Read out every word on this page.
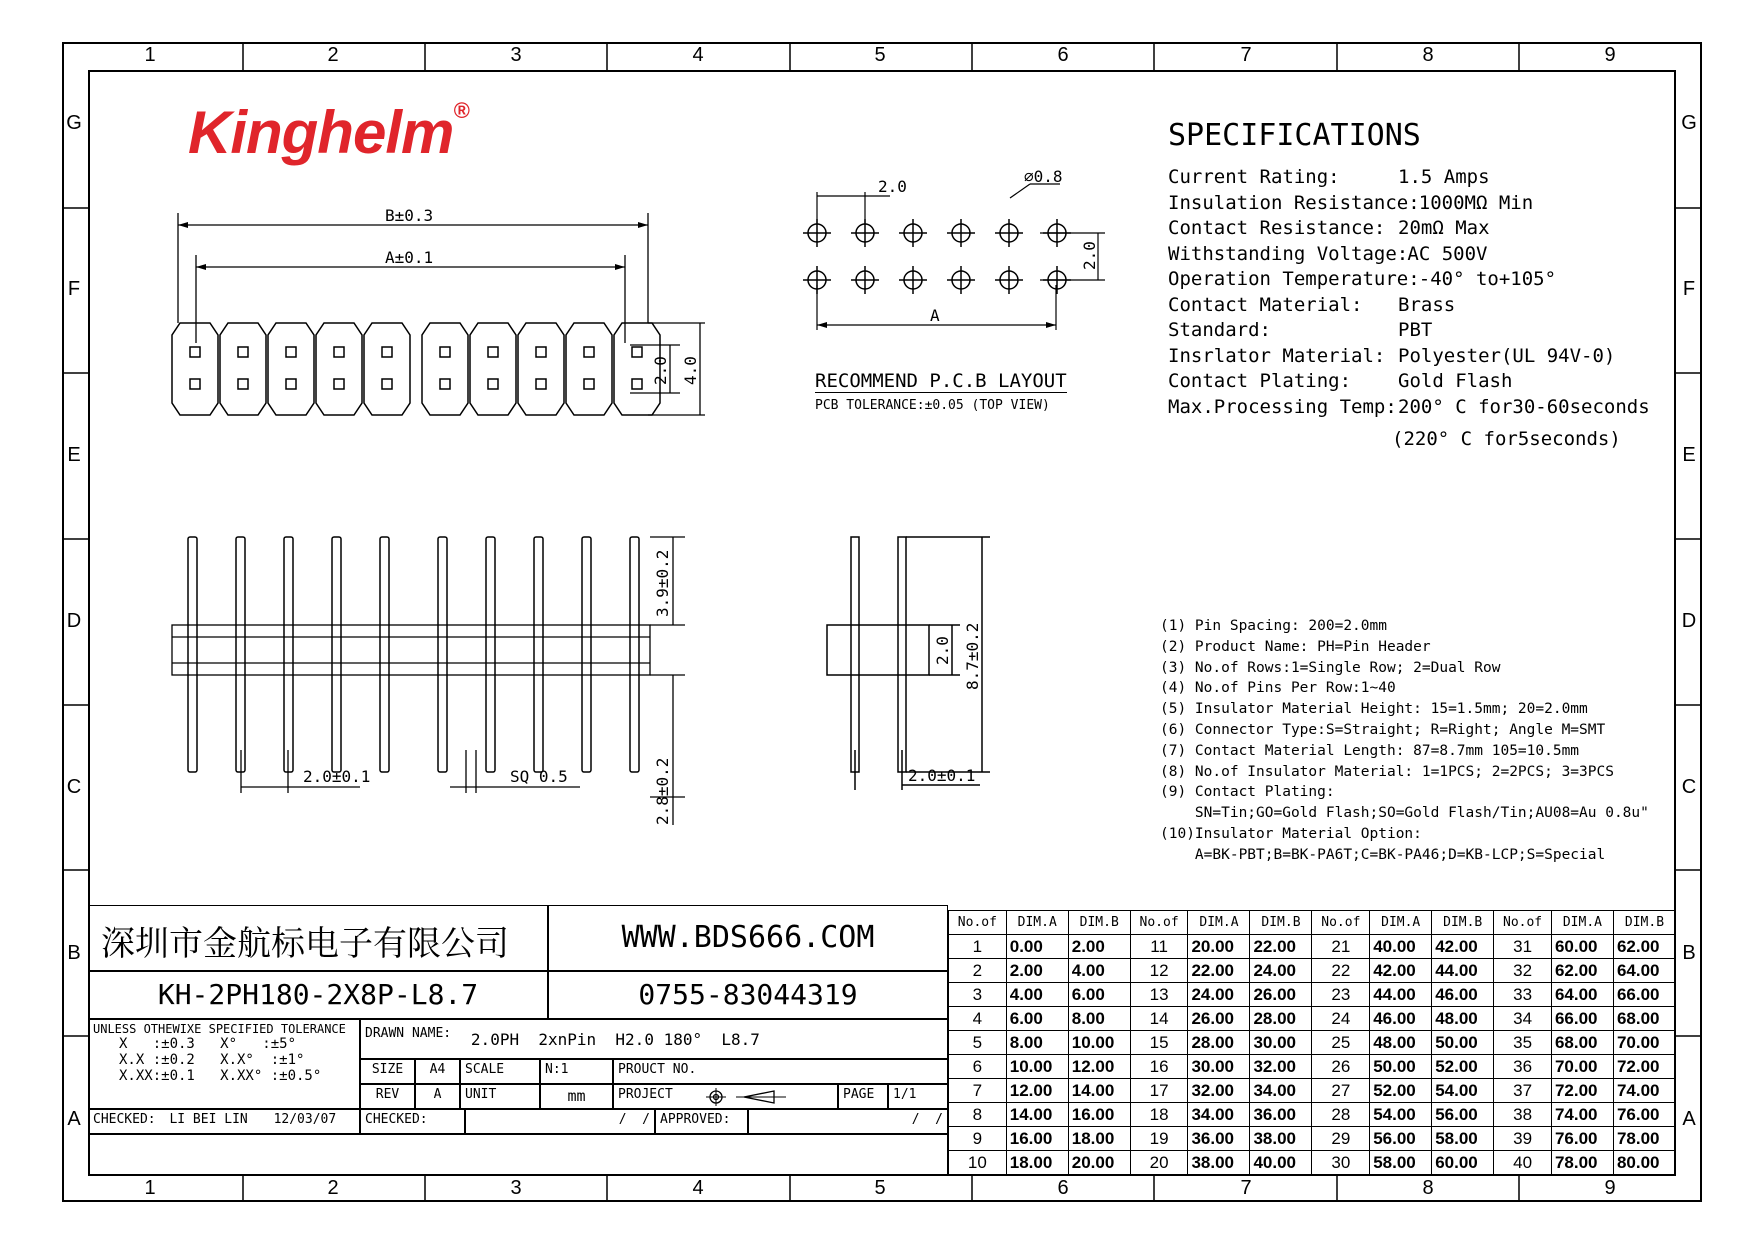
1	2	3	4	5	6	7	8	9
1	2	3	4	5	6	7	8	9
G
F
E
D
C
B
A
G
F
E
D
C
B
A
Kinghelm®
SPECIFICATIONS
Current Rating:	1.5 Amps
Insulation Resistance: 1000MΩ Min
Contact Resistance: 20mΩ Max
Withstanding Voltage: AC 500V
Operation Temperature: -40° to+105°
Contact Material: Brass
Standard:	PBT
Insrlator Material: Polyester(UL 94V-0)
Contact Plating: Gold Flash
Max.Processing Temp: 200° C for30-60seconds
(220° C for5seconds)
B±0.3
A±0.1
2.0 4.0
2.0
∅0.8
2.0
A
RECOMMEND P.C.B LAYOUT
PCB TOLERANCE:±0.05 (TOP VIEW)
3.9±0.2
2.8±0.2
2.0±0.1	SQ 0.5
2.0 8.7±0.2
2.0±0.1
(1) Pin Spacing: 200=2.0mm
(2) Product Name: PH=Pin Header
(3) No.of Rows:1=Single Row; 2=Dual Row
(4) No.of Pins Per Row:1~40
(5) Insulator Material Height: 15=1.5mm; 20=2.0mm
(6) Connector Type:S=Straight; R=Right; Angle M=SMT
(7) Contact Material Length: 87=8.7mm 105=10.5mm
(8) No.of Insulator Material: 1=1PCS; 2=2PCS; 3=3PCS
(9) Contact Plating:
SN=Tin;GO=Gold Flash;SO=Gold Flash/Tin;AU08=Au 0.8u"
(10)Insulator Material Option:
A=BK-PBT;B=BK-PA6T;C=BK-PA46;D=KB-LCP;S=Special
深圳市金航标电子有限公司	WWW.BDS666.COM
KH-2PH180-2X8P-L8.7	0755-83044319
UNLESS OTHEWIXE SPECIFIED TOLERANCE
X   :±0.3   X°   :±5°
X.X :±0.2   X.X°  :±1°
X.XX:±0.1   X.XX° :±0.5°
DRAWN NAME: 2.0PH  2xnPin  H2.0 180°  L8.7
SIZE	A4	SCALE	N:1	PROUCT NO.
REV	A	UNIT	mm	PROJECT	PAGE	1/1
CHECKED: LI BEI LIN 12/03/07	CHECKED:	/  / APPROVED:	/  /
No.of	DIM.A	DIM.B	No.of	DIM.A	DIM.B	No.of	DIM.A	DIM.B	No.of	DIM.A	DIM.B
1	0.00	2.00	11	20.00	22.00	21	40.00	42.00	31	60.00	62.00
2	2.00	4.00	12	22.00	24.00	22	42.00	44.00	32	62.00	64.00
3	4.00	6.00	13	24.00	26.00	23	44.00	46.00	33	64.00	66.00
4	6.00	8.00	14	26.00	28.00	24	46.00	48.00	34	66.00	68.00
5	8.00	10.00	15	28.00	30.00	25	48.00	50.00	35	68.00	70.00
6	10.00	12.00	16	30.00	32.00	26	50.00	52.00	36	70.00	72.00
7	12.00	14.00	17	32.00	34.00	27	52.00	54.00	37	72.00	74.00
8	14.00	16.00	18	34.00	36.00	28	54.00	56.00	38	74.00	76.00
9	16.00	18.00	19	36.00	38.00	29	56.00	58.00	39	76.00	78.00
10	18.00	20.00	20	38.00	40.00	30	58.00	60.00	40	78.00	80.00
